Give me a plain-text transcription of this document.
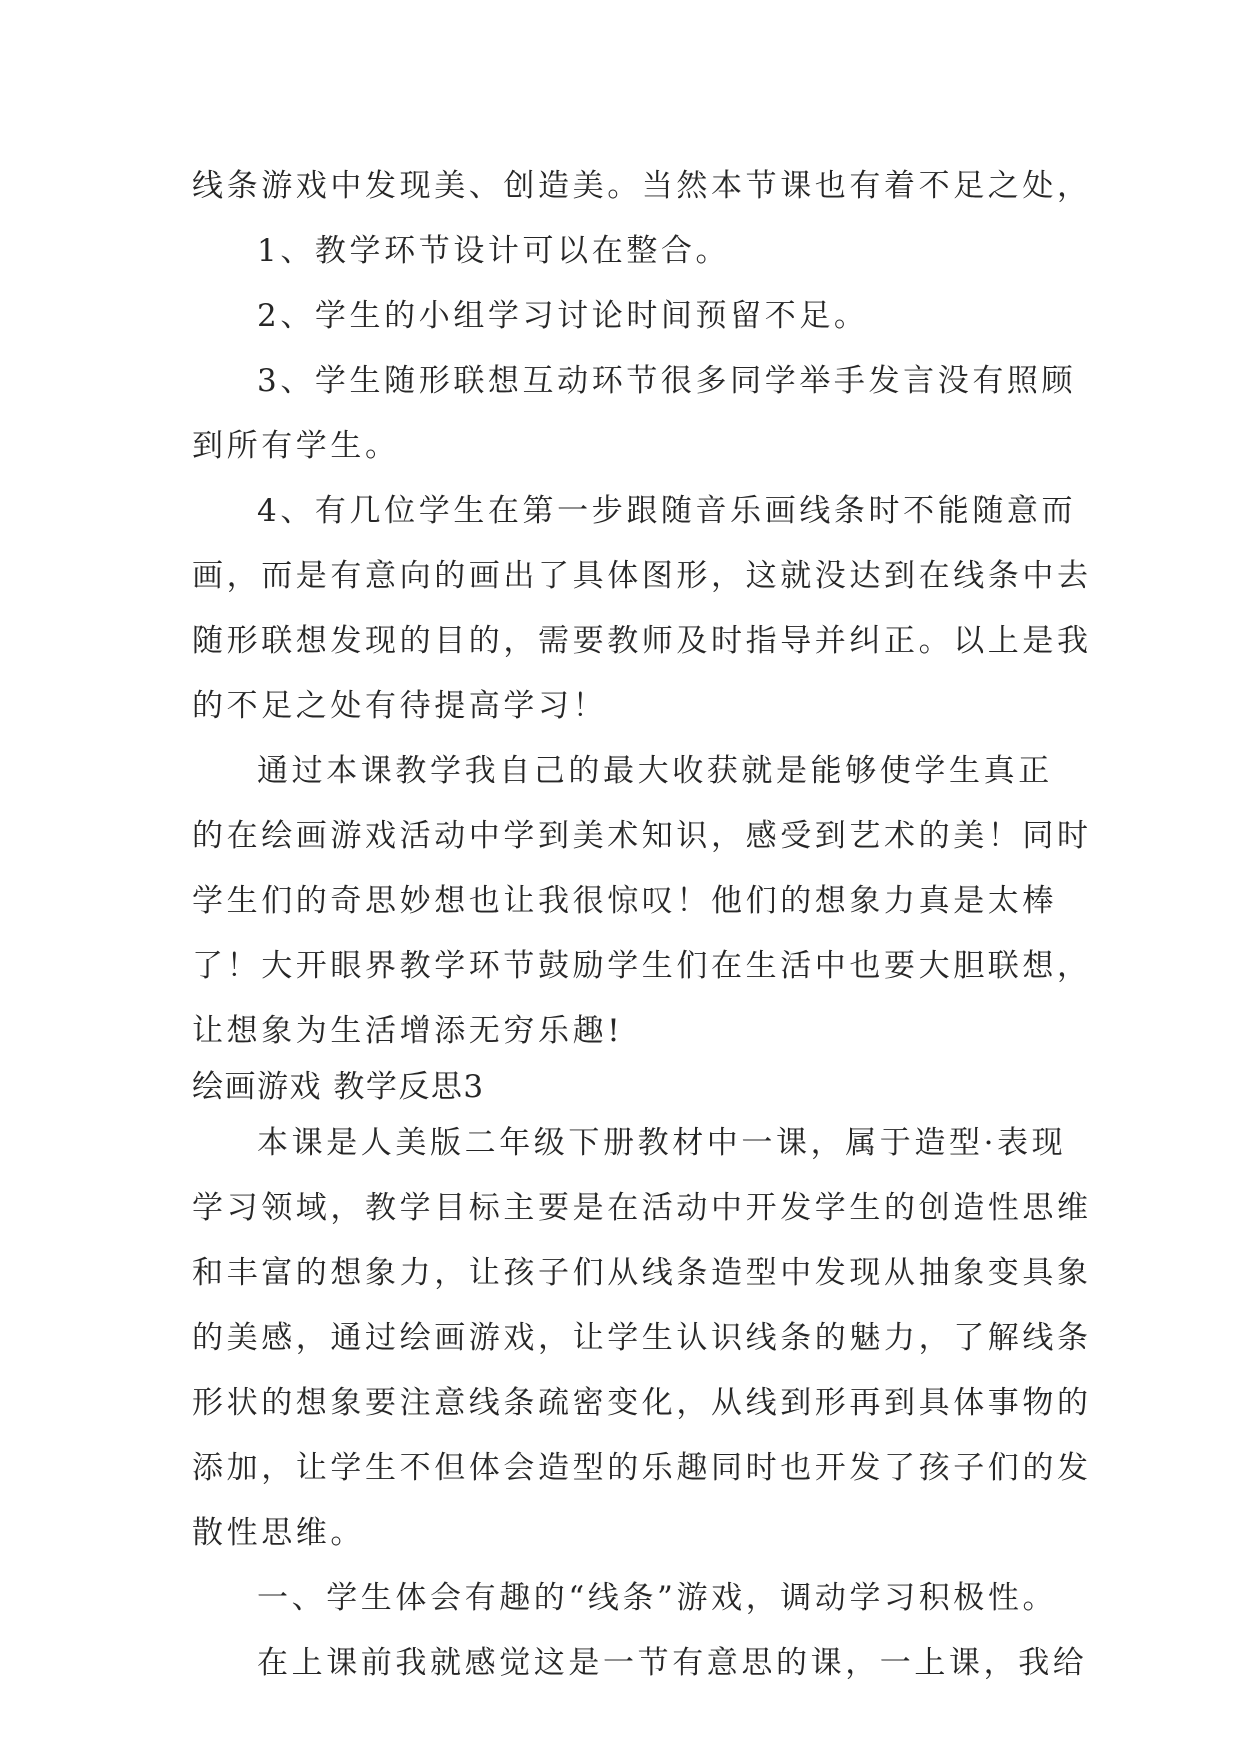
线条游戏中发现美、创造美。当然本节课也有着不足之处，
1、教学环节设计可以在整合。
2、学生的小组学习讨论时间预留不足。
3、学生随形联想互动环节很多同学举手发言没有照顾
到所有学生。
4、有几位学生在第一步跟随音乐画线条时不能随意而
画，而是有意向的画出了具体图形，这就没达到在线条中去
随形联想发现的目的，需要教师及时指导并纠正。以上是我
的不足之处有待提高学习！
通过本课教学我自己的最大收获就是能够使学生真正
的在绘画游戏活动中学到美术知识，感受到艺术的美！同时
学生们的奇思妙想也让我很惊叹！他们的想象力真是太棒
了！大开眼界教学环节鼓励学生们在生活中也要大胆联想，
让想象为生活增添无穷乐趣!
绘画游戏 教学反思3
本课是人美版二年级下册教材中一课，属于造型·表现
学习领域，教学目标主要是在活动中开发学生的创造性思维
和丰富的想象力，让孩子们从线条造型中发现从抽象变具象
的美感，通过绘画游戏，让学生认识线条的魅力，了解线条
形状的想象要注意线条疏密变化，从线到形再到具体事物的
添加，让学生不但体会造型的乐趣同时也开发了孩子们的发
散性思维。
一、学生体会有趣的“线条”游戏，调动学习积极性。
在上课前我就感觉这是一节有意思的课，一上课，我给
